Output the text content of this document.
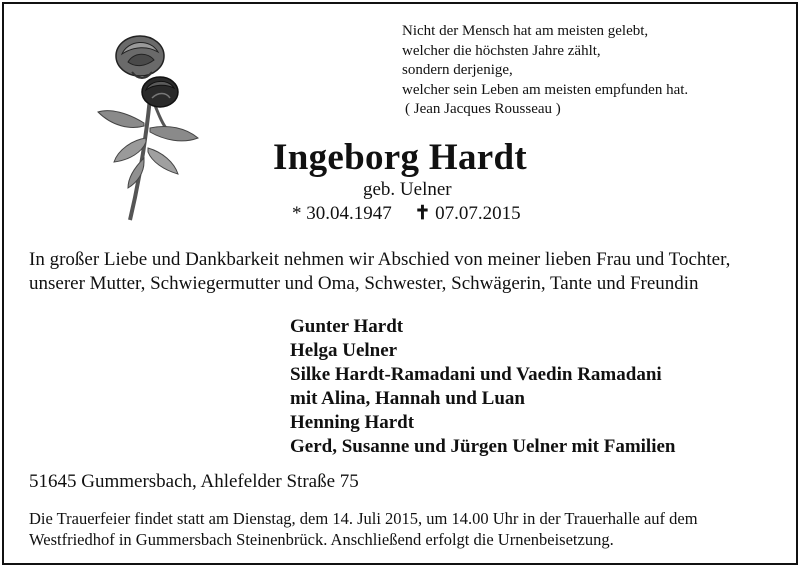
Nicht der Mensch hat am meisten gelebt,
welcher die höchsten Jahre zählt,
sondern derjenige,
welcher sein Leben am meisten empfunden hat.
( Jean Jacques Rousseau )
Ingeborg Hardt
geb. Uelner
* 30.04.1947 ✝ 07.07.2015
In großer Liebe und Dankbarkeit nehmen wir Abschied von meiner lieben Frau und Tochter,
unserer Mutter, Schwiegermutter und Oma, Schwester, Schwägerin, Tante und Freundin
Gunter Hardt
Helga Uelner
Silke Hardt-Ramadani und Vaedin Ramadani
mit Alina, Hannah und Luan
Henning Hardt
Gerd, Susanne und Jürgen Uelner mit Familien
51645 Gummersbach, Ahlefelder Straße 75
Die Trauerfeier findet statt am Dienstag, dem 14. Juli 2015, um 14.00 Uhr in der Trauerhalle auf dem
Westfriedhof in Gummersbach Steinenbrück. Anschließend erfolgt die Urnenbeisetzung.
